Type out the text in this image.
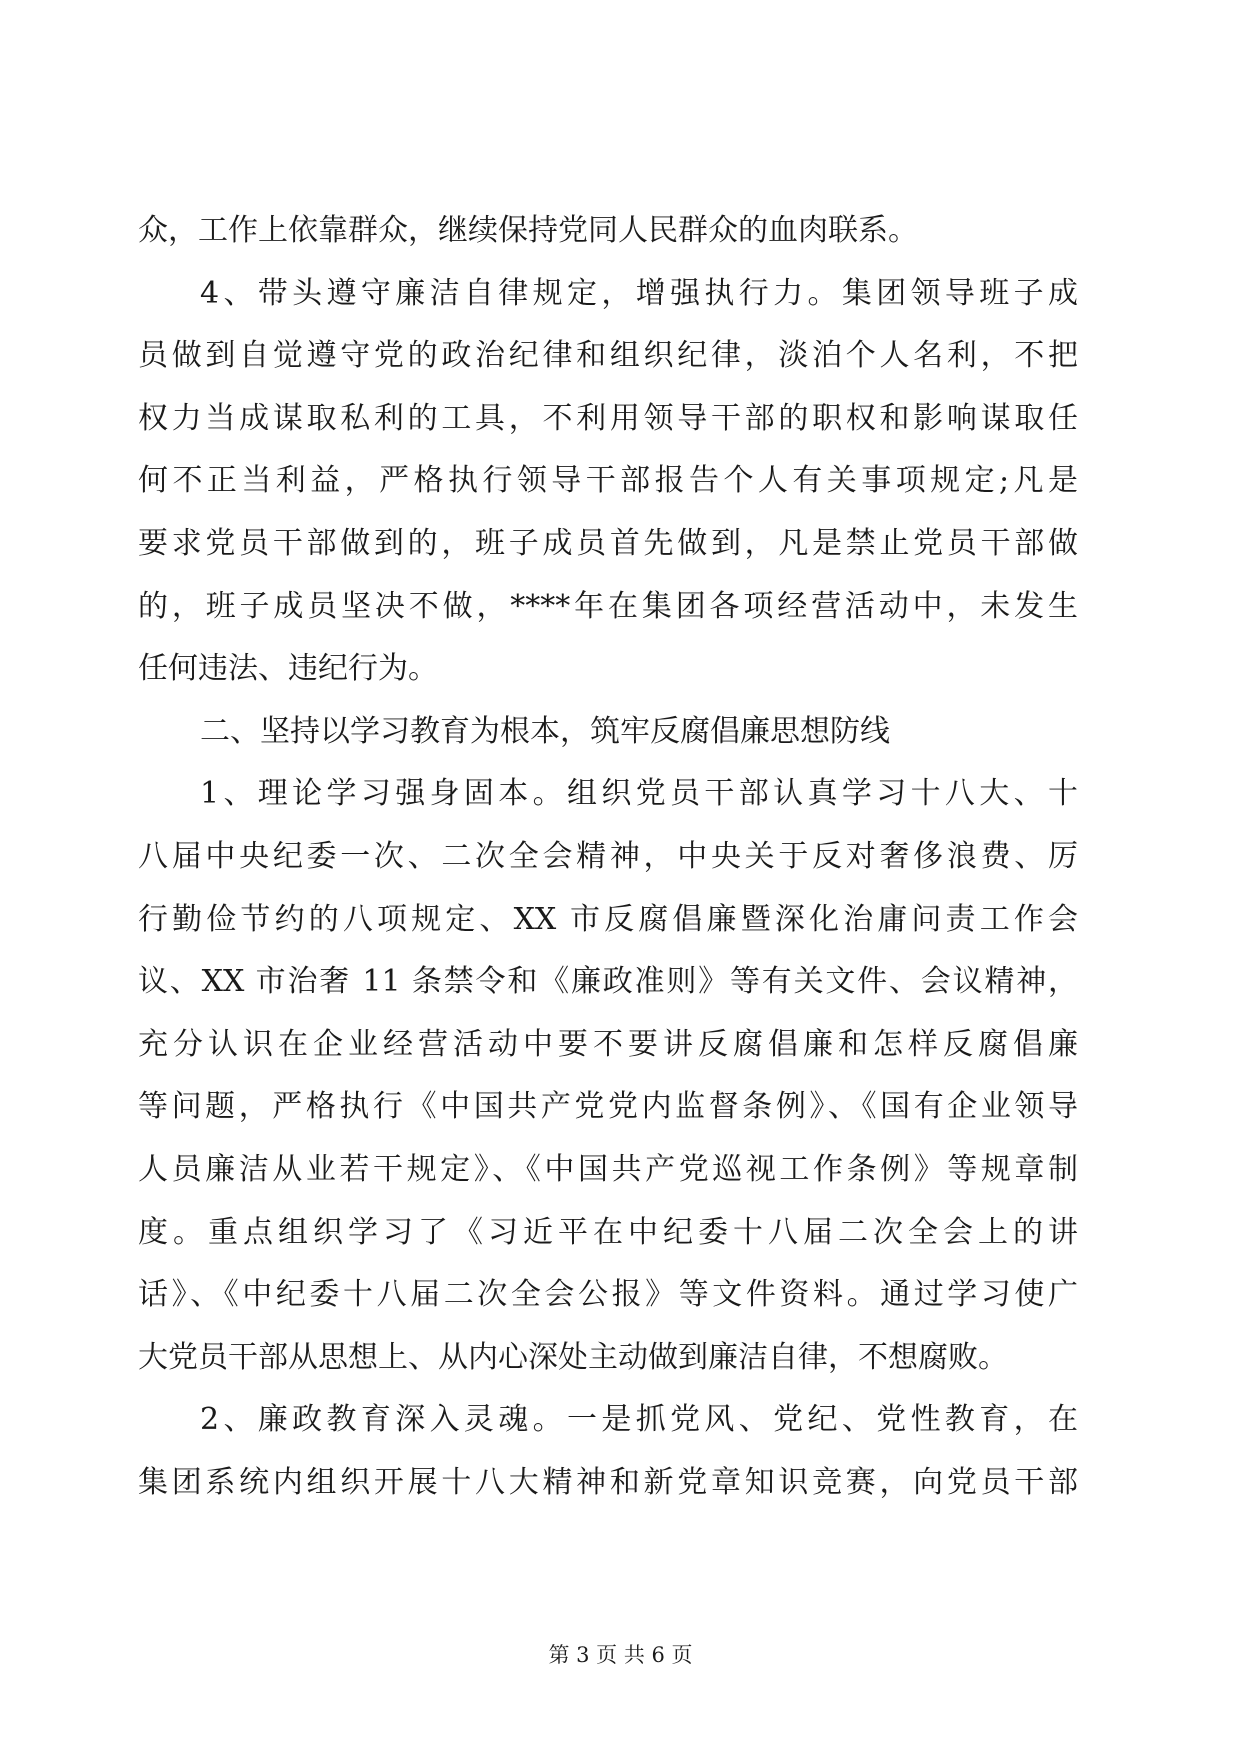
众，工作上依靠群众，继续保持党同人民群众的血肉联系。
4、带头遵守廉洁自律规定，增强执行力。集团领导班子成
员做到自觉遵守党的政治纪律和组织纪律，淡泊个人名利，不把
权力当成谋取私利的工具，不利用领导干部的职权和影响谋取任
何不正当利益，严格执行领导干部报告个人有关事项规定;凡是
要求党员干部做到的，班子成员首先做到，凡是禁止党员干部做
的，班子成员坚决不做，****年在集团各项经营活动中，未发生
任何违法、违纪行为。
二、坚持以学习教育为根本，筑牢反腐倡廉思想防线
1、理论学习强身固本。组织党员干部认真学习十八大、十
八届中央纪委一次、二次全会精神，中央关于反对奢侈浪费、厉
行勤俭节约的八项规定、XX 市反腐倡廉暨深化治庸问责工作会
议、XX 市治奢 11 条禁令和《廉政准则》等有关文件、会议精神，
充分认识在企业经营活动中要不要讲反腐倡廉和怎样反腐倡廉
等问题，严格执行《中国共产党党内监督条例》、《国有企业领导
人员廉洁从业若干规定》、《中国共产党巡视工作条例》等规章制
度。重点组织学习了《习近平在中纪委十八届二次全会上的讲
话》、《中纪委十八届二次全会公报》等文件资料。通过学习使广
大党员干部从思想上、从内心深处主动做到廉洁自律，不想腐败。
2、廉政教育深入灵魂。一是抓党风、党纪、党性教育，在
集团系统内组织开展十八大精神和新党章知识竞赛，向党员干部
第 3 页 共 6 页
